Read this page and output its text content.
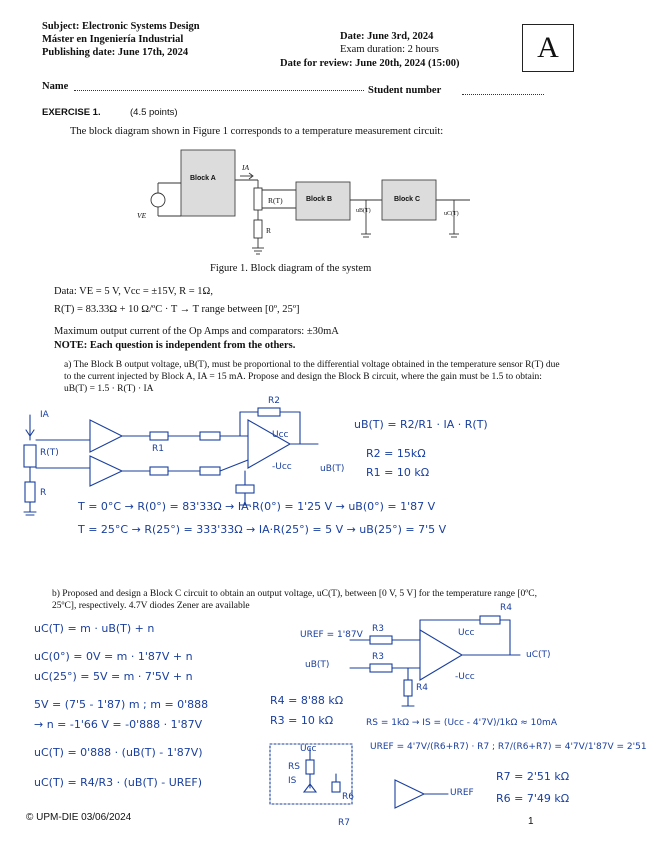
Subject: Electronic Systems Design
Máster en Ingeniería Industrial
Publishing date: June 17th, 2024
Date: June 3rd, 2024
Exam duration: 2 hours
Date for review: June 20th, 2024 (15:00)	A
Name	Student number
EXERCISE 1.	(4.5 points)
The block diagram shown in Figure 1 corresponds to a temperature measurement circuit:
Block A
Block B	Block C
VE
IA
R(T)
R
uB(T)	uC(T)
Figure 1. Block diagram of the system
Data: VE = 5 V, Vcc = ±15V, R = 1Ω,
R(T) = 83.33Ω + 10 Ω/ºC · T → T range between [0º, 25º]
Maximum output current of the Op Amps and comparators: ±30mA
NOTE: Each question is independent from the others.
a) The Block B output voltage, uB(T), must be proportional to the differential voltage obtained in the temperature sensor R(T) due to the current injected by Block A, IA = 15 mA. Propose and design the Block B circuit, where the gain must be 1.5 to obtain: uB(T) = 1.5 · R(T) · IA
IA
R(T)
R
R1
R2
Ucc
-Ucc	uB(T)
uB(T) = R2/R1 · IA · R(T)
R2 = 15kΩ
R1 = 10 kΩ
T = 0°C → R(0°) = 83'33Ω → IA·R(0°) = 1'25 V → uB(0°) = 1'87 V
T = 25°C → R(25°) = 333'33Ω → IA·R(25°) = 5 V → uB(25°) = 7'5 V
b) Proposed and design a Block C circuit to obtain an output voltage, uC(T), between [0 V, 5 V] for the temperature range [0ºC, 25ºC], respectively. 4.7V diodes Zener are available
uC(T) = m · uB(T) + n
uC(0°) = 0V = m · 1'87V + n
uC(25°) = 5V = m · 7'5V + n
5V = (7'5 - 1'87) m ; m = 0'888
→ n = -1'66 V = -0'888 · 1'87V
uC(T) = 0'888 · (uB(T) - 1'87V)
uC(T) = R4/R3 · (uB(T) - UREF)
UREF = 1'87V
uB(T)
R3
R3
R4
Ucc
-Ucc
uC(T)
R4
R4 = 8'88 kΩ
R3 = 10 kΩ	RS = 1kΩ → IS = (Ucc - 4'7V)/1kΩ ≈ 10mA
UREF = 4'7V/(R6+R7) · R7 ; R7/(R6+R7) = 4'7V/1'87V = 2'51
R7 = 2'51 kΩ
R6 = 7'49 kΩ
Ucc
RS
IS
R6
R7
UREF
© UPM-DIE 03/06/2024	1
